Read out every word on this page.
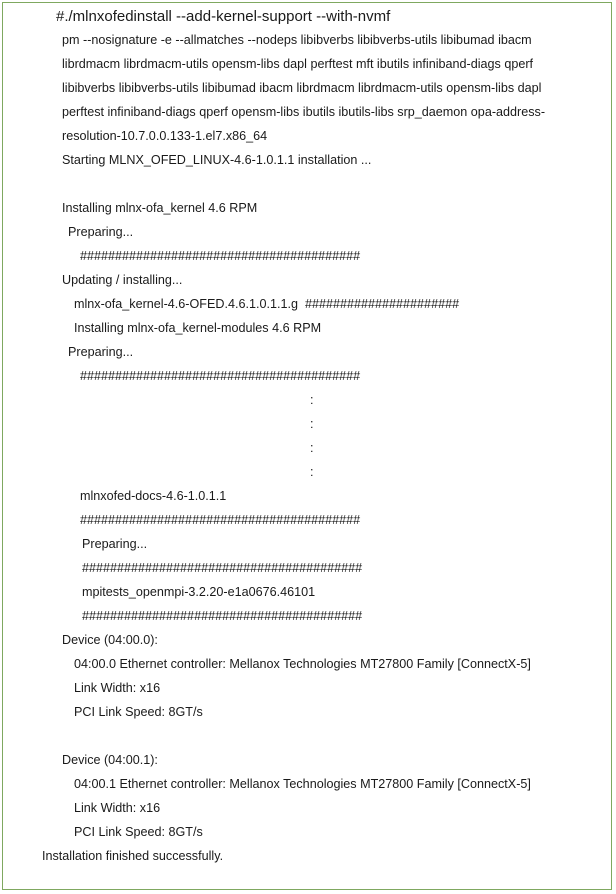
#./mlnxofedinstall --add-kernel-support --with-nvmf
pm --nosignature -e --allmatches --nodeps libibverbs libibverbs-utils libibumad ibacm
librdmacm librdmacm-utils opensm-libs dapl perftest mft ibutils infiniband-diags qperf
libibverbs libibverbs-utils libibumad ibacm librdmacm librdmacm-utils opensm-libs dapl
perftest infiniband-diags qperf opensm-libs ibutils ibutils-libs srp_daemon opa-address-
resolution-10.7.0.0.133-1.el7.x86_64
Starting MLNX_OFED_LINUX-4.6-1.0.1.1 installation ...
Installing mlnx-ofa_kernel 4.6 RPM
Preparing...
########################################
Updating / installing...
mlnx-ofa_kernel-4.6-OFED.4.6.1.0.1.1.g  ######################
Installing mlnx-ofa_kernel-modules 4.6 RPM
Preparing...
########################################
:
:
:
:
mlnxofed-docs-4.6-1.0.1.1
########################################
Preparing...
########################################
mpitests_openmpi-3.2.20-e1a0676.46101
########################################
Device (04:00.0):
04:00.0 Ethernet controller: Mellanox Technologies MT27800 Family [ConnectX-5]
Link Width: x16
PCI Link Speed: 8GT/s
Device (04:00.1):
04:00.1 Ethernet controller: Mellanox Technologies MT27800 Family [ConnectX-5]
Link Width: x16
PCI Link Speed: 8GT/s
Installation finished successfully.
